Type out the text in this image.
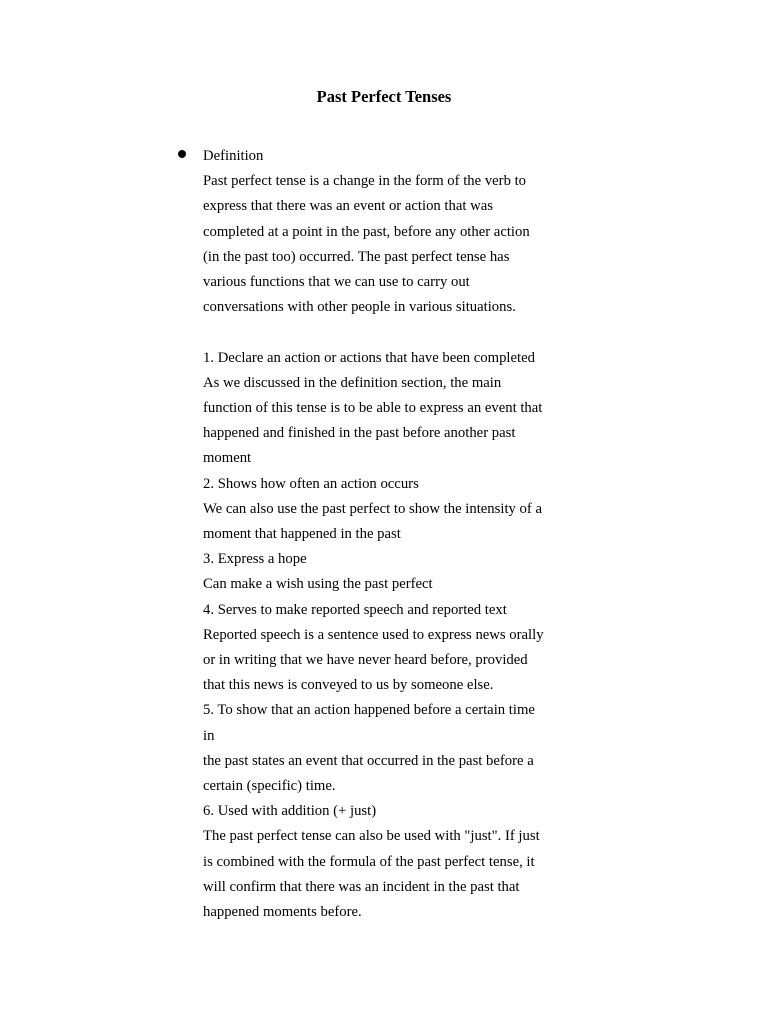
Past Perfect Tenses
Definition
Past perfect tense is a change in the form of the verb to
express that there was an event or action that was
completed at a point in the past, before any other action
(in the past too) occurred. The past perfect tense has
various functions that we can use to carry out
conversations with other people in various situations.
1. Declare an action or actions that have been completed
As we discussed in the definition section, the main
function of this tense is to be able to express an event that
happened and finished in the past before another past
moment
2. Shows how often an action occurs
We can also use the past perfect to show the intensity of a
moment that happened in the past
3. Express a hope
Can make a wish using the past perfect
4. Serves to make reported speech and reported text
Reported speech is a sentence used to express news orally
or in writing that we have never heard before, provided
that this news is conveyed to us by someone else.
5. To show that an action happened before a certain time
in
the past states an event that occurred in the past before a
certain (specific) time.
6. Used with addition (+ just)
The past perfect tense can also be used with "just". If just
is combined with the formula of the past perfect tense, it
will confirm that there was an incident in the past that
happened moments before.
